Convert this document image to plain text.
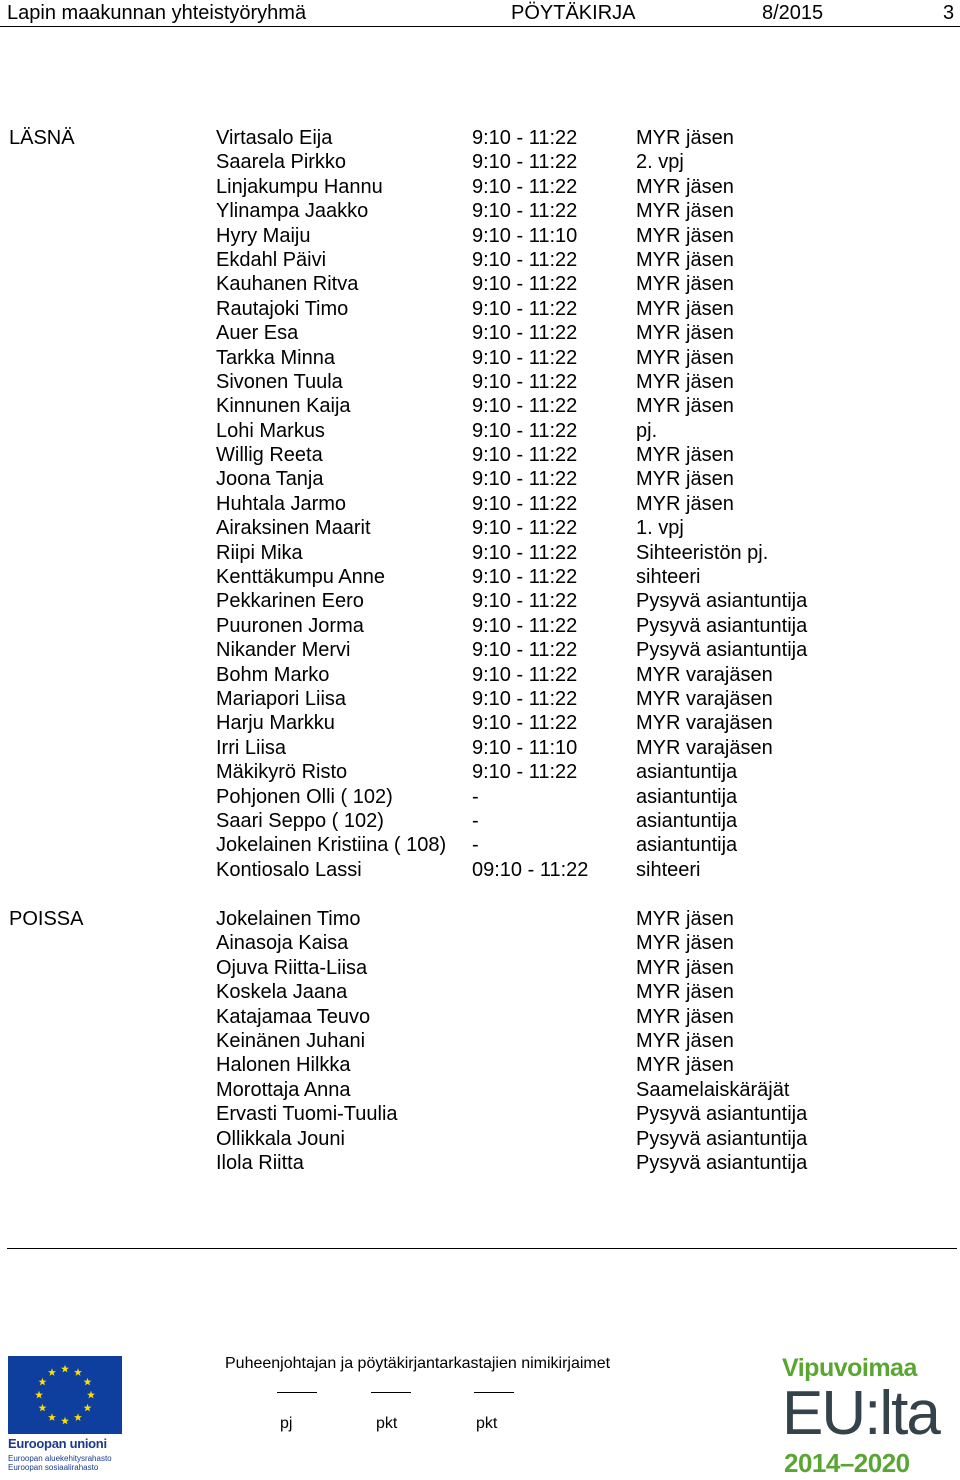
Lapin maakunnan yhteistyöryhmä	PÖYTÄKIRJA	8/2015	3
LÄSNÄ	Virtasalo Eija	9:10 - 11:22	MYR jäsen
Saarela Pirkko	9:10 - 11:22	2. vpj
Linjakumpu Hannu	9:10 - 11:22	MYR jäsen
Ylinampa Jaakko	9:10 - 11:22	MYR jäsen
Hyry Maiju	9:10 - 11:10	MYR jäsen
Ekdahl Päivi	9:10 - 11:22	MYR jäsen
Kauhanen Ritva	9:10 - 11:22	MYR jäsen
Rautajoki Timo	9:10 - 11:22	MYR jäsen
Auer Esa	9:10 - 11:22	MYR jäsen
Tarkka Minna	9:10 - 11:22	MYR jäsen
Sivonen Tuula	9:10 - 11:22	MYR jäsen
Kinnunen Kaija	9:10 - 11:22	MYR jäsen
Lohi Markus	9:10 - 11:22	pj.
Willig Reeta	9:10 - 11:22	MYR jäsen
Joona Tanja	9:10 - 11:22	MYR jäsen
Huhtala Jarmo	9:10 - 11:22	MYR jäsen
Airaksinen Maarit	9:10 - 11:22	1. vpj
Riipi Mika	9:10 - 11:22	Sihteeristön pj.
Kenttäkumpu Anne	9:10 - 11:22	sihteeri
Pekkarinen Eero	9:10 - 11:22	Pysyvä asiantuntija
Puuronen Jorma	9:10 - 11:22	Pysyvä asiantuntija
Nikander Mervi	9:10 - 11:22	Pysyvä asiantuntija
Bohm Marko	9:10 - 11:22	MYR varajäsen
Mariapori Liisa	9:10 - 11:22	MYR varajäsen
Harju Markku	9:10 - 11:22	MYR varajäsen
Irri Liisa	9:10 - 11:10	MYR varajäsen
Mäkikyrö Risto	9:10 - 11:22	asiantuntija
Pohjonen Olli ( 102)	-	asiantuntija
Saari Seppo ( 102)	-	asiantuntija
Jokelainen Kristiina ( 108) -	asiantuntija
Kontiosalo Lassi	09:10 - 11:22 sihteeri
POISSA	Jokelainen Timo	MYR jäsen
Ainasoja Kaisa	MYR jäsen
Ojuva Riitta-Liisa	MYR jäsen
Koskela Jaana	MYR jäsen
Katajamaa Teuvo	MYR jäsen
Keinänen Juhani	MYR jäsen
Halonen Hilkka	MYR jäsen
Morottaja Anna	Saamelaiskäräjät
Ervasti Tuomi-Tuulia	Pysyvä asiantuntija
Ollikkala Jouni	Pysyvä asiantuntija
Ilola Riitta	Pysyvä asiantuntija
Euroopan unioni
Euroopan aluekehitysrahasto
Euroopan sosiaalirahasto
Puheenjohtajan ja pöytäkirjantarkastajien nimikirjaimet
pj	pkt	pkt
Vipuvoimaa
EU:lta
2014–2020
